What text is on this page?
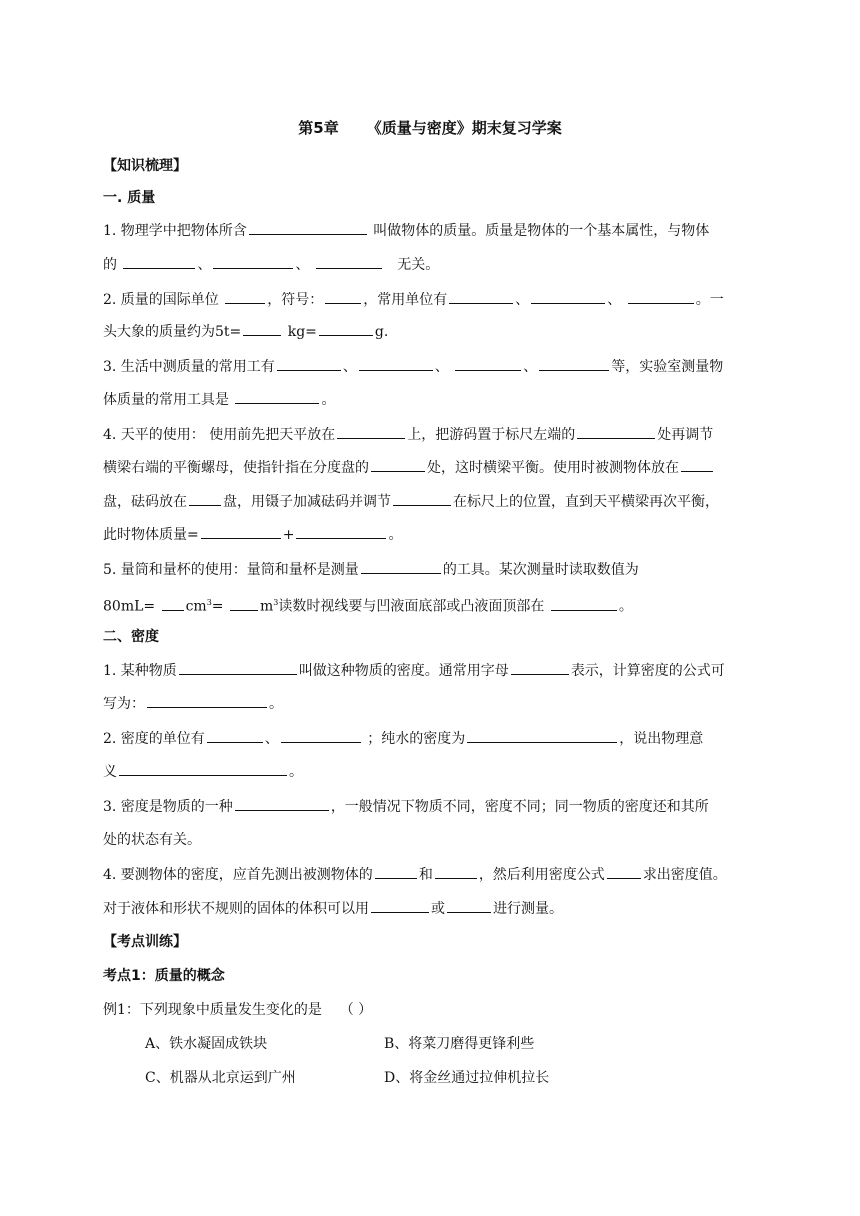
第5章 《质量与密度》期末复习学案
【知识梳理】
一. 质量
1. 物理学中把物体所含	叫做物体的质量。质量是物体的一个基本属性，与物体
的	、	、	无关。
2. 质量的国际单位	，符号：	，常用单位有	、	、	。一
头大象的质量约为5t=	kg=	g.
3. 生活中测质量的常用工有	、	、	、	等，实验室测量物
体质量的常用工具是	。
4. 天平的使用： 使用前先把天平放在	上，把游码置于标尺左端的	处再调节
横梁右端的平衡螺母，使指针指在分度盘的	处，这时横梁平衡。使用时被测物体放在
盘，砝码放在	盘，用镊子加减砝码并调节	在标尺上的位置，直到天平横梁再次平衡，
此时物体质量=	+	。
5. 量筒和量杯的使用：量筒和量杯是测量	的工具。某次测量时读取数值为
$80mL= cm^3=$	$m^3$读数时视线要与凹液面底部或凸液面顶部在	。
二、密度
1. 某种物质	叫做这种物质的密度。通常用字母	表示，计算密度的公式可
写为：	。
2. 密度的单位有	、	；纯水的密度为	，说出物理意
义	。
3. 密度是物质的一种	，一般情况下物质不同，密度不同；同一物质的密度还和其所
处的状态有关。
4. 要测物体的密度，应首先测出被测物体的	和	，然后利用密度公式	求出密度值。
对于液体和形状不规则的固体的体积可以用	或	进行测量。
【考点训练】
考点1：质量的概念
例1：下列现象中质量发生变化的是 （ ）
A、铁水凝固成铁块	B、将菜刀磨得更锋利些
C、机器从北京运到广州	D、将金丝通过拉伸机拉长
